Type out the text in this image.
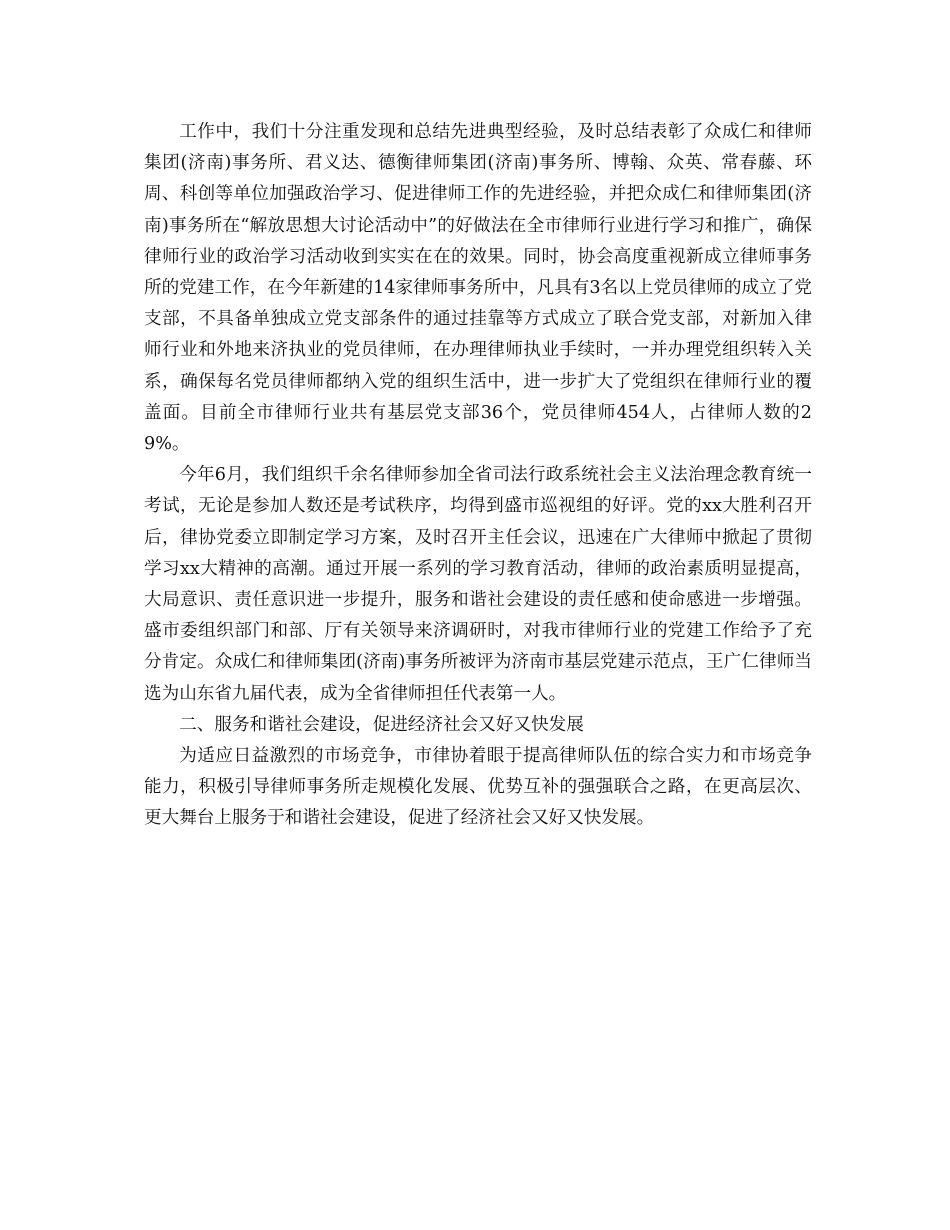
工作中，我们十分注重发现和总结先进典型经验，及时总结表彰了众成仁和律师集团(济南)事务所、君义达、德衡律师集团(济南)事务所、博翰、众英、常春藤、环周、科创等单位加强政治学习、促进律师工作的先进经验，并把众成仁和律师集团(济南)事务所在“解放思想大讨论活动中”的好做法在全市律师行业进行学习和推广，确保律师行业的政治学习活动收到实实在在的效果。同时，协会高度重视新成立律师事务所的党建工作，在今年新建的14家律师事务所中，凡具有3名以上党员律师的成立了党支部，不具备单独成立党支部条件的通过挂靠等方式成立了联合党支部，对新加入律师行业和外地来济执业的党员律师，在办理律师执业手续时，一并办理党组织转入关系，确保每名党员律师都纳入党的组织生活中，进一步扩大了党组织在律师行业的覆盖面。目前全市律师行业共有基层党支部36个，党员律师454人，占律师人数的29%。

今年6月，我们组织千余名律师参加全省司法行政系统社会主义法治理念教育统一考试，无论是参加人数还是考试秩序，均得到盛市巡视组的好评。党的xx大胜利召开后，律协党委立即制定学习方案，及时召开主任会议，迅速在广大律师中掀起了贯彻学习xx大精神的高潮。通过开展一系列的学习教育活动，律师的政治素质明显提高，大局意识、责任意识进一步提升，服务和谐社会建设的责任感和使命感进一步增强。盛市委组织部门和部、厅有关领导来济调研时，对我市律师行业的党建工作给予了充分肯定。众成仁和律师集团(济南)事务所被评为济南市基层党建示范点，王广仁律师当选为山东省九届代表，成为全省律师担任代表第一人。

二、服务和谐社会建设，促进经济社会又好又快发展

为适应日益激烈的市场竞争，市律协着眼于提高律师队伍的综合实力和市场竞争能力，积极引导律师事务所走规模化发展、优势互补的强强联合之路，在更高层次、更大舞台上服务于和谐社会建设，促进了经济社会又好又快发展。
